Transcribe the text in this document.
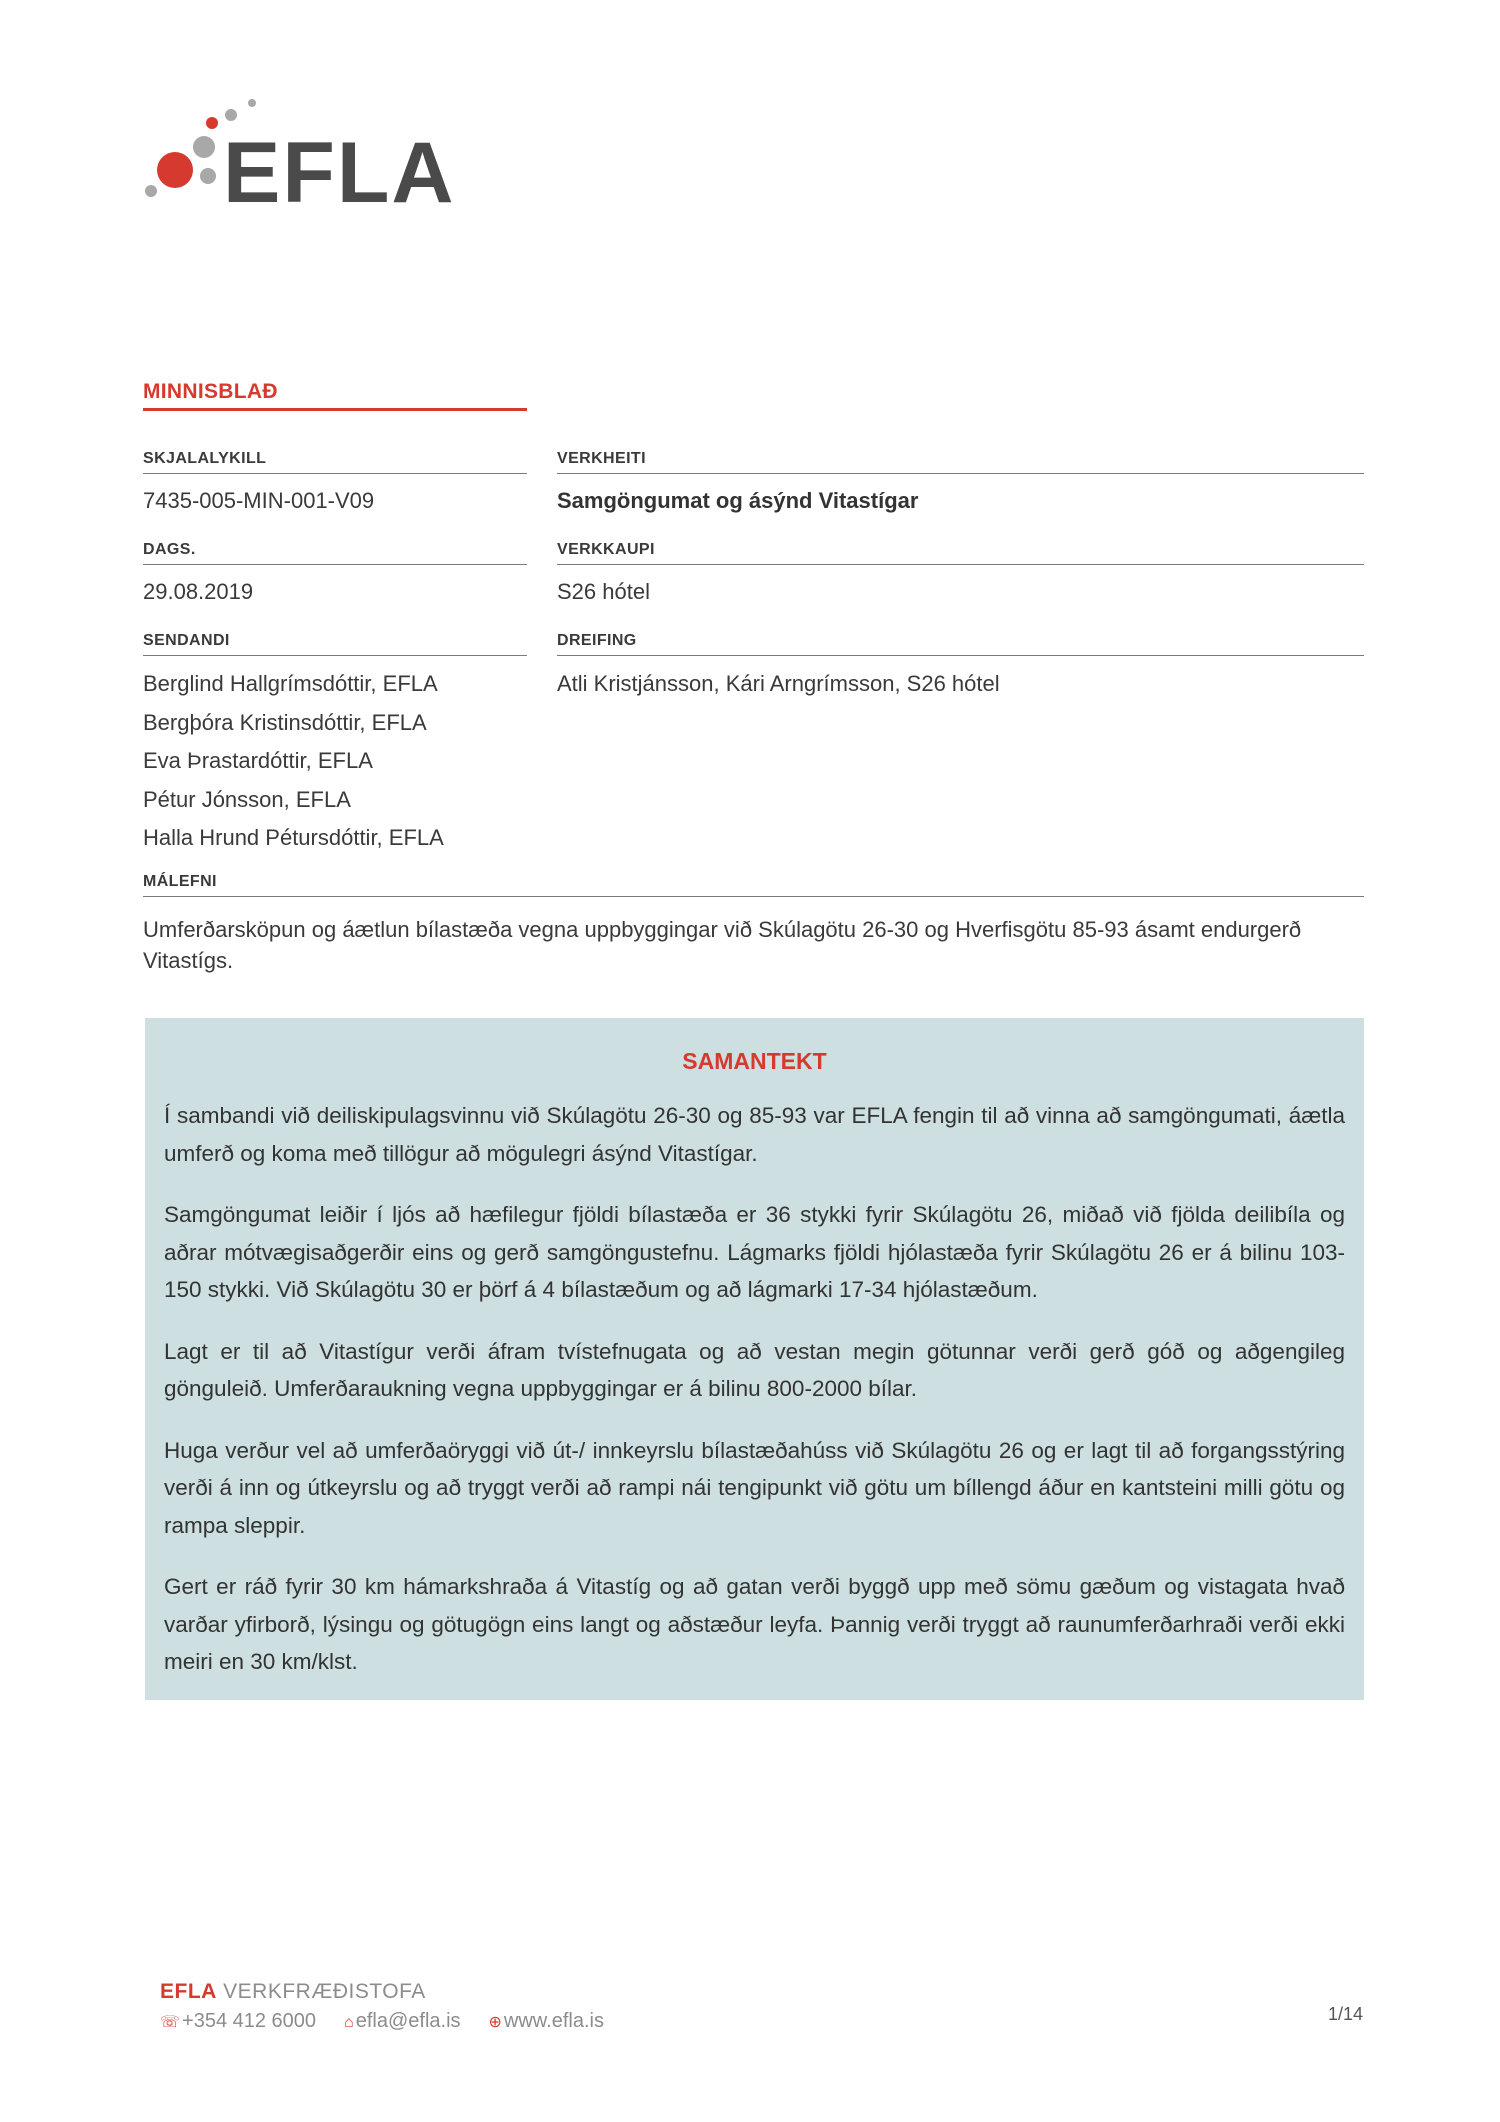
EFLA
MINNISBLAÐ
SKJALALYKILL
7435-005-MIN-001-V09
VERKHEITI
Samgöngumat og ásýnd Vitastígar
DAGS.
29.08.2019
VERKKAUPI
S26 hótel
SENDANDI
Berglind Hallgrímsdóttir, EFLA
Bergþóra Kristinsdóttir, EFLA
Eva Þrastardóttir, EFLA
Pétur Jónsson, EFLA
Halla Hrund Pétursdóttir, EFLA
DREIFING
Atli Kristjánsson, Kári Arngrímsson, S26 hótel
MÁLEFNI
Umferðarsköpun og áætlun bílastæða vegna uppbyggingar við Skúlagötu 26-30 og Hverfisgötu 85-93 ásamt endurgerð Vitastígs.
SAMANTEKT

Í sambandi við deiliskipulagsvinnu við Skúlagötu 26-30 og 85-93 var EFLA fengin til að vinna að samgöngumati, áætla umferð og koma með tillögur að mögulegri ásýnd Vitastígar.

Samgöngumat leiðir í ljós að hæfilegur fjöldi bílastæða er 36 stykki fyrir Skúlagötu 26, miðað við fjölda deilibíla og aðrar mótvægisaðgerðir eins og gerð samgöngustefnu. Lágmarks fjöldi hjólastæða fyrir Skúlagötu 26 er á bilinu 103-150 stykki. Við Skúlagötu 30 er þörf á 4 bílastæðum og að lágmarki 17-34 hjólastæðum.

Lagt er til að Vitastígur verði áfram tvístefnugata og að vestan megin götunnar verði gerð góð og aðgengileg gönguleið. Umferðaraukning vegna uppbyggingar er á bilinu 800-2000 bílar.

Huga verður vel að umferðaöryggi við út-/ innkeyrslu bílastæðahúss við Skúlagötu 26 og er lagt til að forgangsstýring verði á inn og útkeyrslu og að tryggt verði að rampi nái tengipunkt við götu um bíllengd áður en kantsteini milli götu og rampa sleppir.

Gert er ráð fyrir 30 km hámarkshraða á Vitastíg og að gatan verði byggð upp með sömu gæðum og vistagata hvað varðar yfirborð, lýsingu og götugögn eins langt og aðstæður leyfa. Þannig verði tryggt að raunumferðarhraði verði ekki meiri en 30 km/klst.

EFLA VERKFRÆÐISTOFA
☏ +354 412 6000 ⌂ efla@efla.is ⊕ www.efla.is	1/14
